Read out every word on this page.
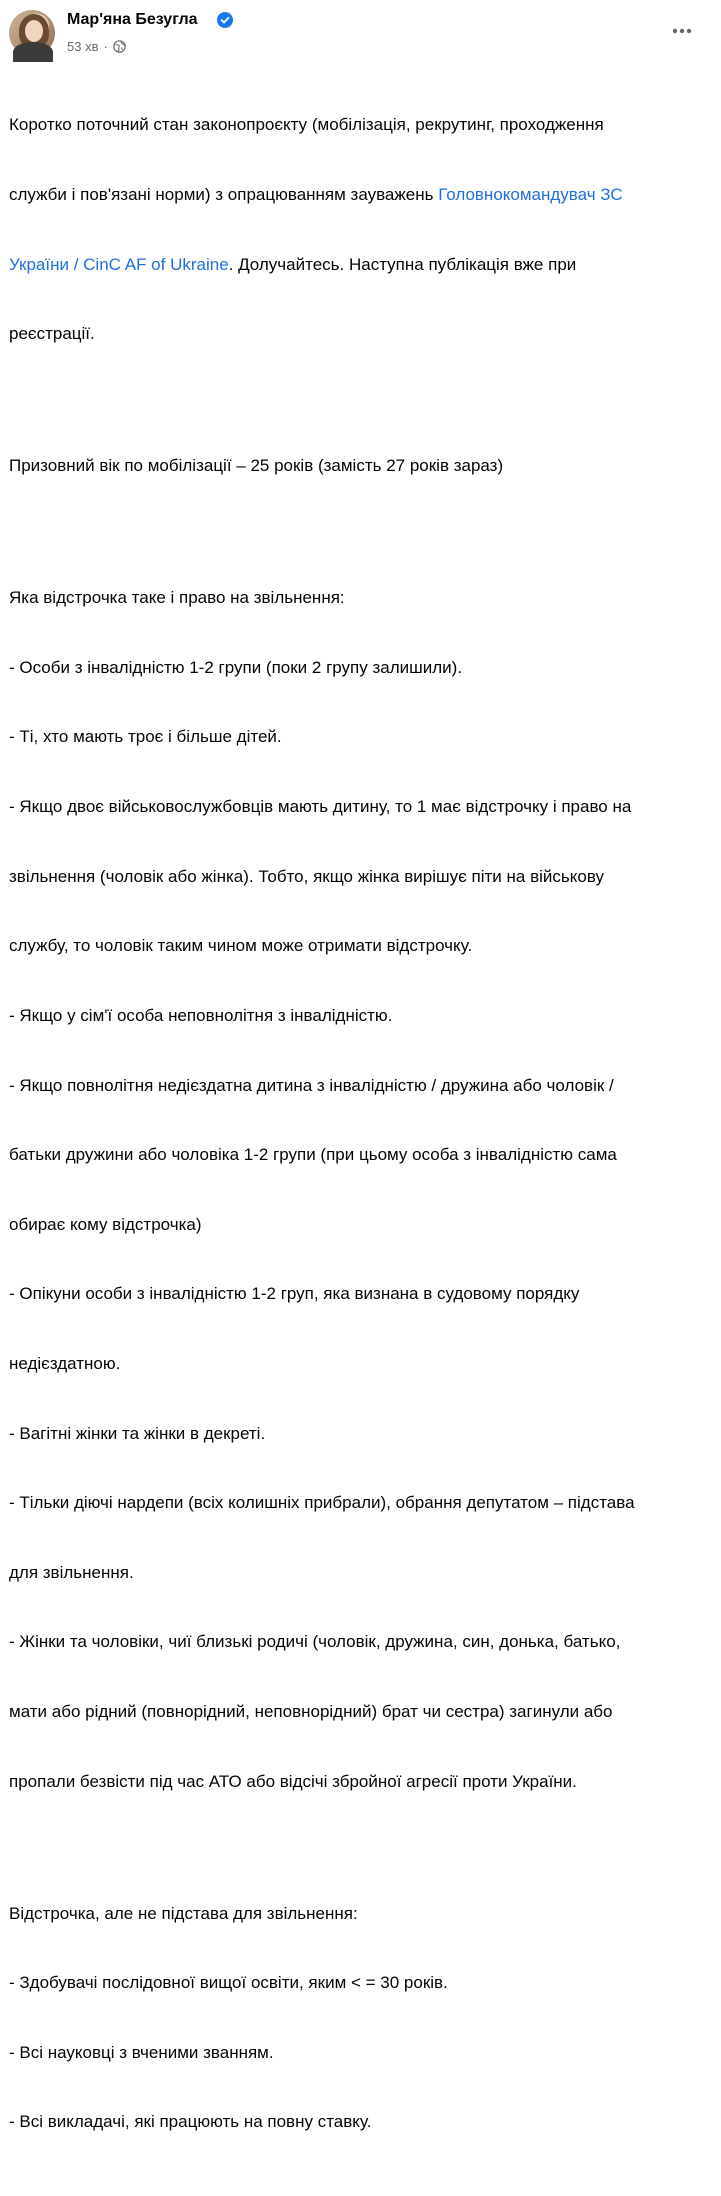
Мар'яна Безугла
53 хв ·

Коротко поточний стан законопроєкту (мобілізація, рекрутинг, проходження

служби і пов'язані норми) з опрацюванням зауважень Головнокомандувач ЗС

України / CinC AF of Ukraine. Долучайтесь. Наступна публікація вже при

реєстрації.

Призовний вік по мобілізації – 25 років (замість 27 років зараз)

Яка відстрочка таке і право на звільнення:

- Особи з інвалідністю 1-2 групи (поки 2 групу залишили).

- Ті, хто мають троє і більше дітей.

- Якщо двоє військовослужбовців мають дитину, то 1 має відстрочку і право на

звільнення (чоловік або жінка). Тобто, якщо жінка вирішує піти на військову

службу, то чоловік таким чином може отримати відстрочку.

- Якщо у сім'ї особа неповнолітня з інвалідністю.

- Якщо повнолітня недієздатна дитина з інвалідністю / дружина або чоловік /

батьки дружини або чоловіка 1-2 групи (при цьому особа з інвалідністю сама

обирає кому відстрочка)

- Опікуни особи з інвалідністю 1-2 груп, яка визнана в судовому порядку

недієздатною.

- Вагітні жінки та жінки в декреті.

- Тільки діючі нардепи (всіх колишніх прибрали), обрання депутатом – підстава

для звільнення.

- Жінки та чоловіки, чиї близькі родичі (чоловік, дружина, син, донька, батько,

мати або рідний (повнорідний, неповнорідний) брат чи сестра) загинули або

пропали безвісти під час АТО або відсічі збройної агресії проти України.

Відстрочка, але не підстава для звільнення:

- Здобувачі послідовної вищої освіти, яким < = 30 років.

- Всі науковці з вченими званням.

- Всі викладачі, які працюють на повну ставку.
